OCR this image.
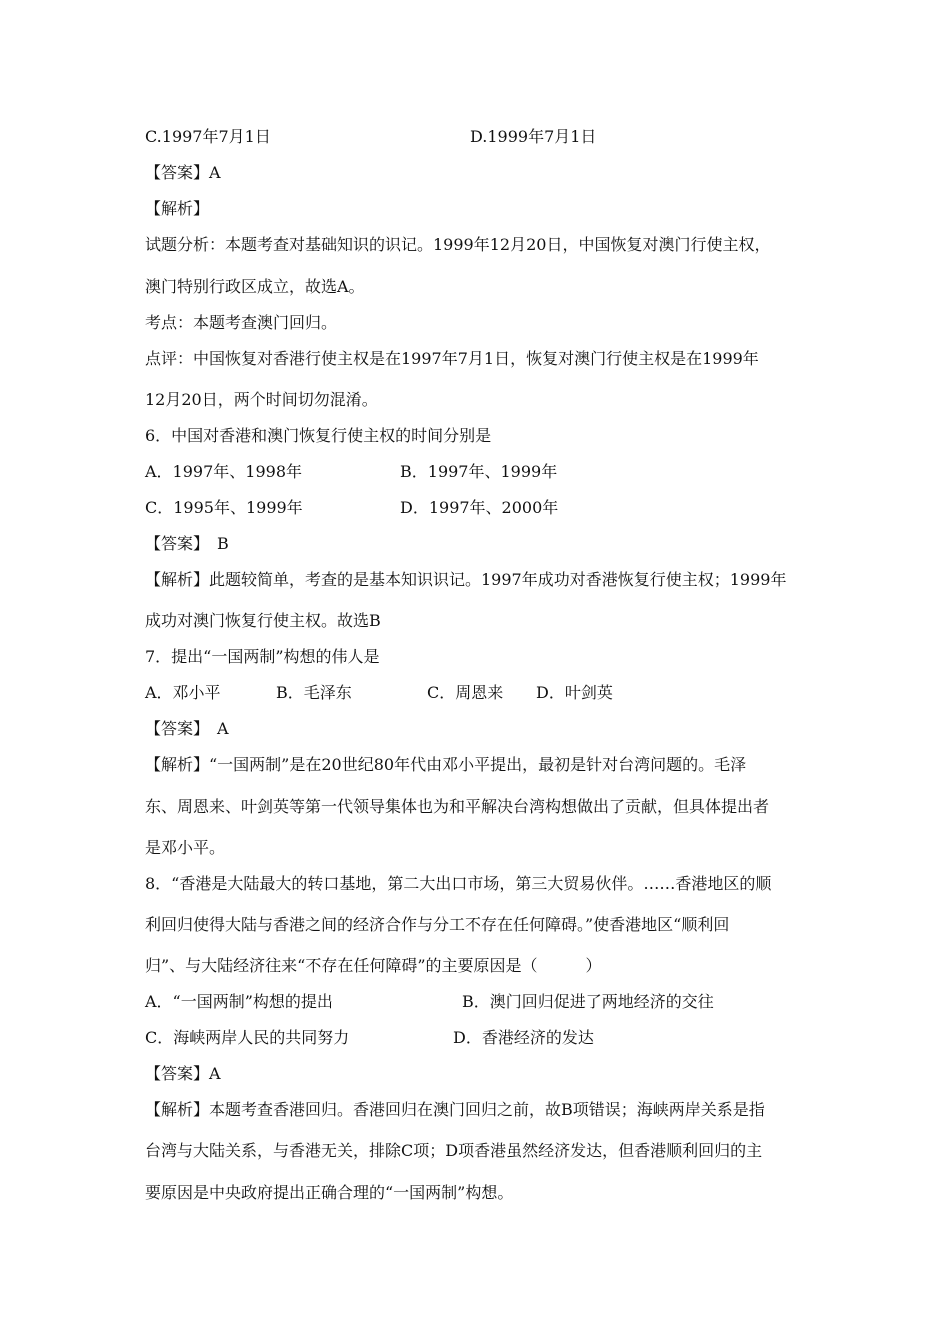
C.1997年7月1日	D.1999年7月1日
【答案】A
【解析】
试题分析：本题考查对基础知识的识记。1999年12月20日，中国恢复对澳门行使主权，
澳门特别行政区成立，故选A。
考点：本题考查澳门回归。
点评：中国恢复对香港行使主权是在1997年7月1日，恢复对澳门行使主权是在1999年
12月20日，两个时间切勿混淆。
6．中国对香港和澳门恢复行使主权的时间分别是
A．1997年、1998年	B．1997年、1999年
C．1995年、1999年	D．1997年、2000年
【答案】　B
【解析】此题较简单，考查的是基本知识识记。1997年成功对香港恢复行使主权；1999年
成功对澳门恢复行使主权。故选B
7．提出“一国两制”构想的伟人是
A．邓小平	B．毛泽东	C．周恩来 D．叶剑英
【答案】　A
【解析】“一国两制”是在20世纪80年代由邓小平提出，最初是针对台湾问题的。毛泽
东、周恩来、叶剑英等第一代领导集体也为和平解决台湾构想做出了贡献，但具体提出者
是邓小平。
8．“香港是大陆最大的转口基地，第二大出口市场，第三大贸易伙伴。……香港地区的顺
利回归使得大陆与香港之间的经济合作与分工不存在任何障碍。”使香港地区“顺利回
归”、与大陆经济往来“不存在任何障碍”的主要原因是（　　　）
A．“一国两制”构想的提出	B．澳门回归促进了两地经济的交往
C．海峡两岸人民的共同努力	D．香港经济的发达
【答案】A
【解析】本题考查香港回归。香港回归在澳门回归之前，故B项错误；海峡两岸关系是指
台湾与大陆关系，与香港无关，排除C项；D项香港虽然经济发达，但香港顺利回归的主
要原因是中央政府提出正确合理的“一国两制”构想。
